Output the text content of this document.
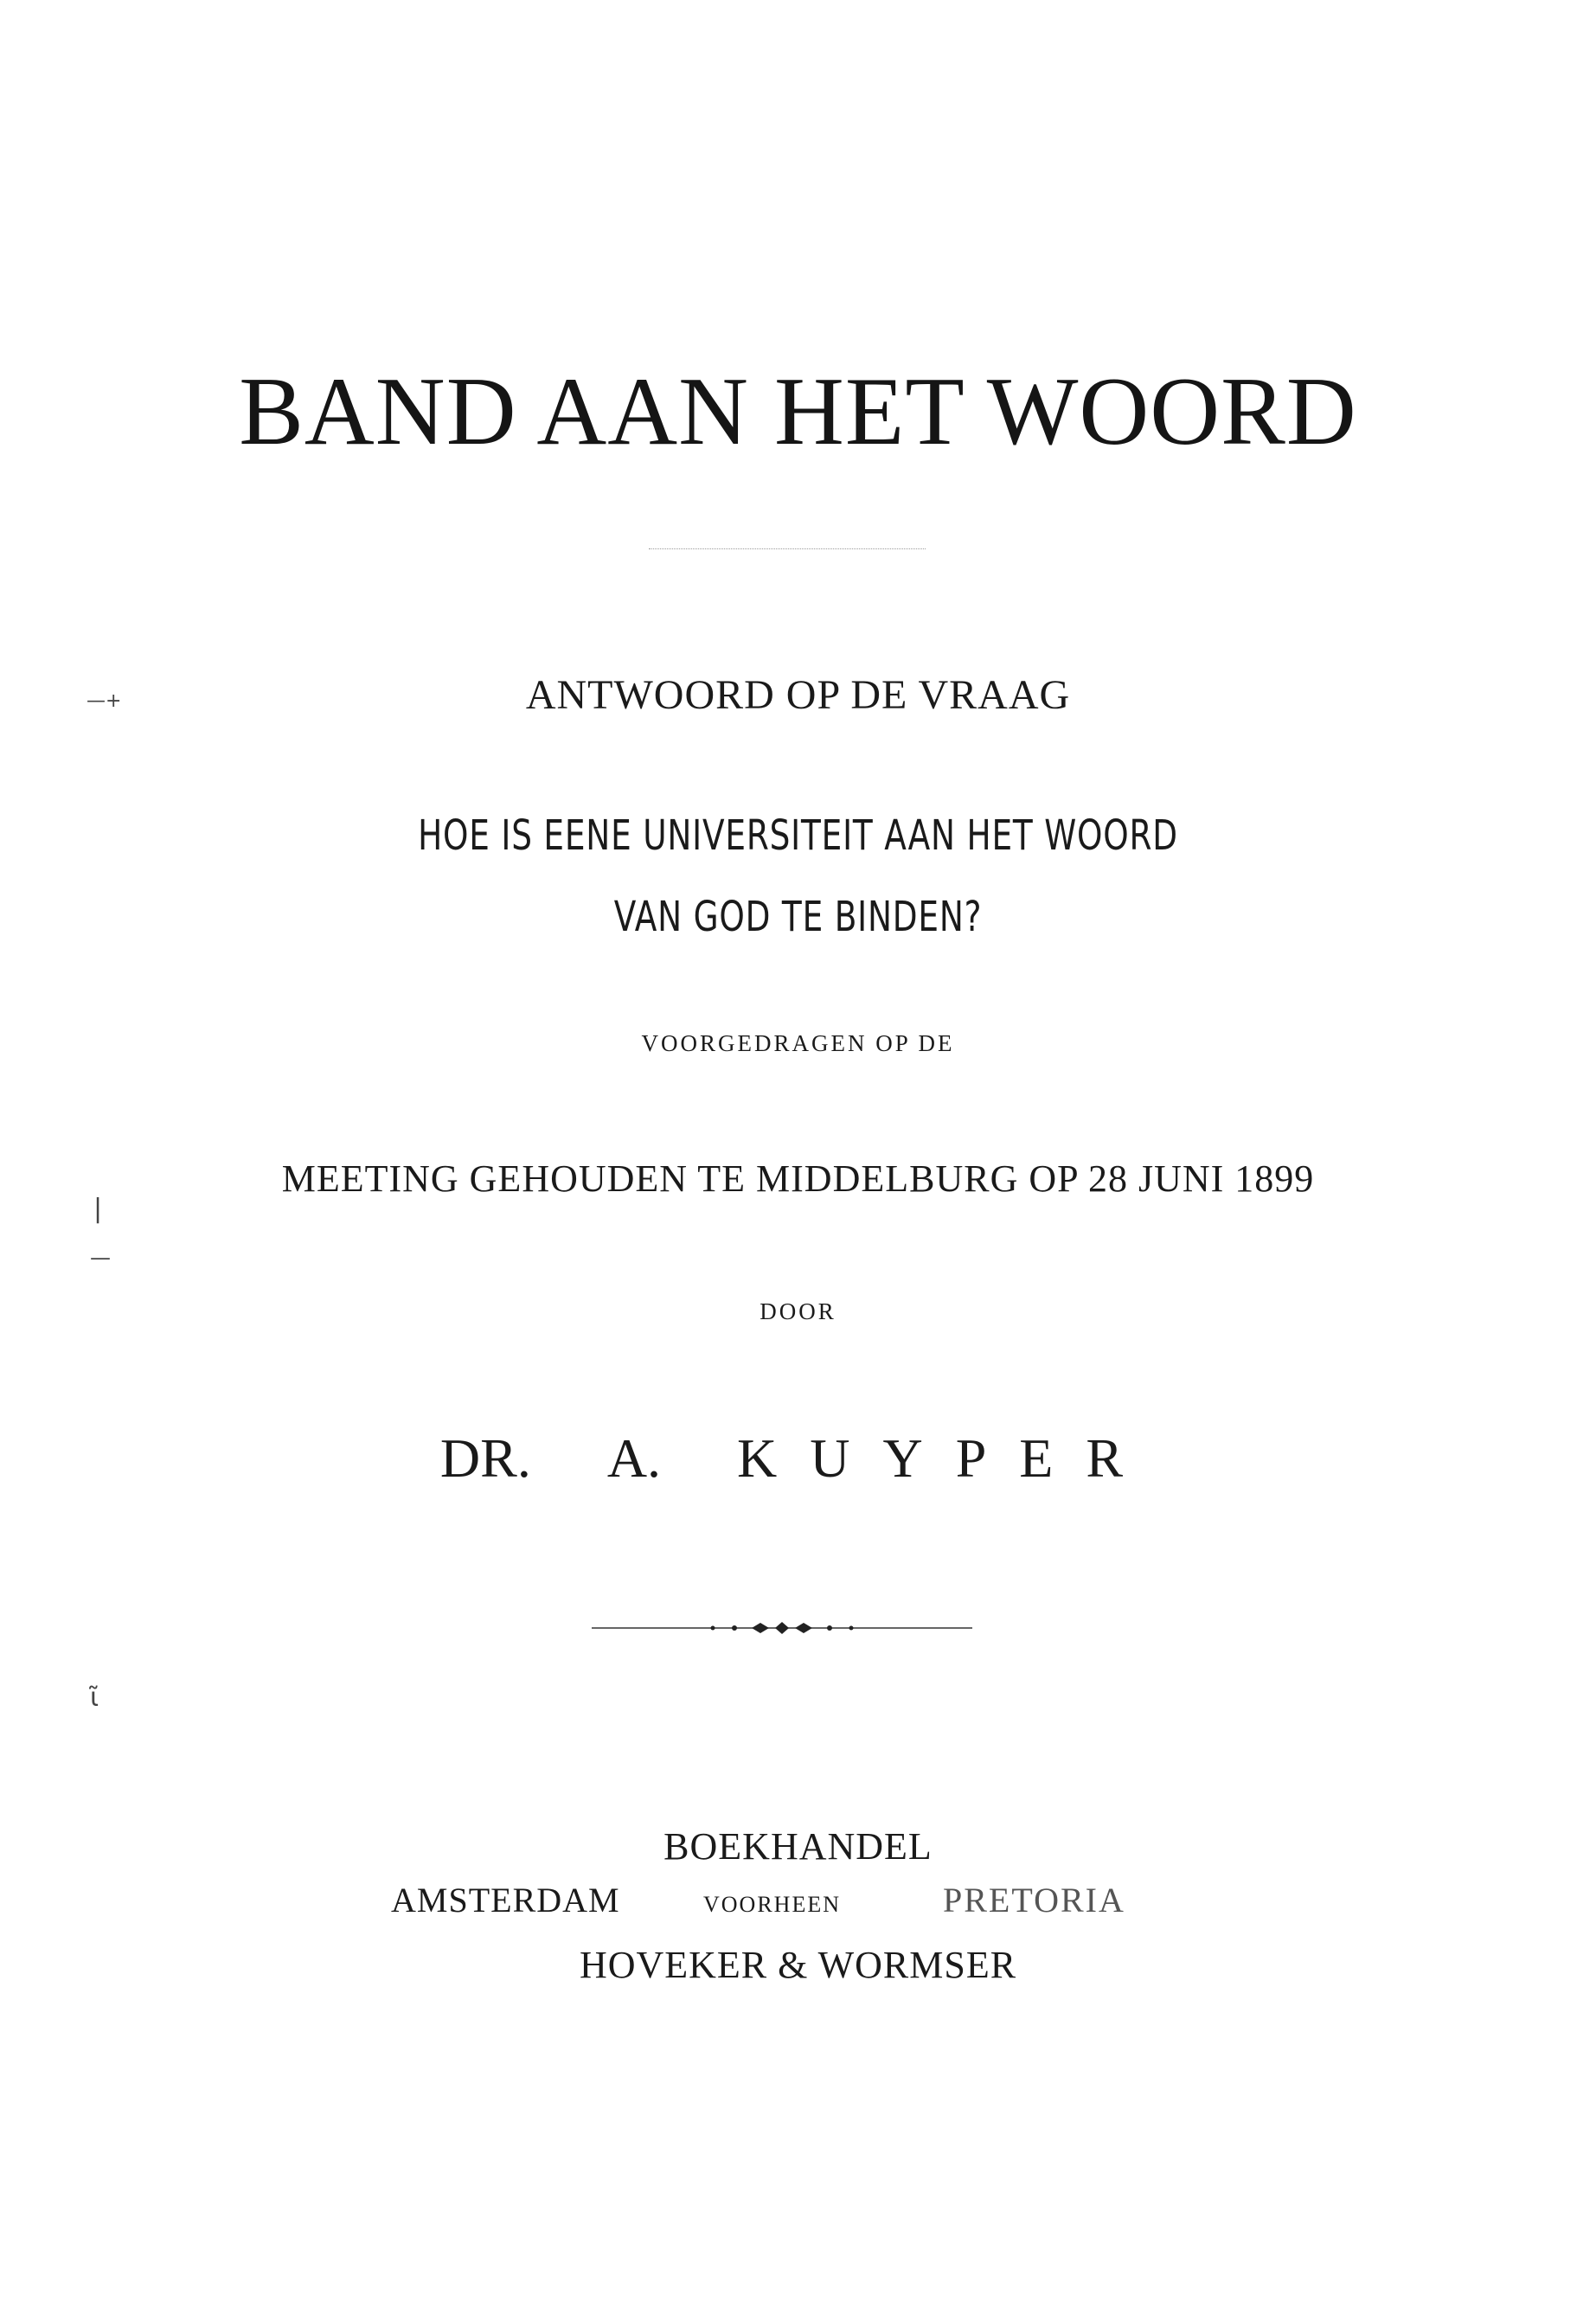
—+
|
—
ɩ̃
BAND AAN HET WOORD
ANTWOORD OP DE VRAAG
HOE IS EENE UNIVERSITEIT AAN HET WOORD
VAN GOD TE BINDEN?
VOORGEDRAGEN OP DE
MEETING GEHOUDEN TE MIDDELBURG OP 28 JUNI 1899
DOOR
DR. A. KUYPER
BOEKHANDEL
AMSTERDAM	VOORHEEN	PRETORIA
HOVEKER & WORMSER
